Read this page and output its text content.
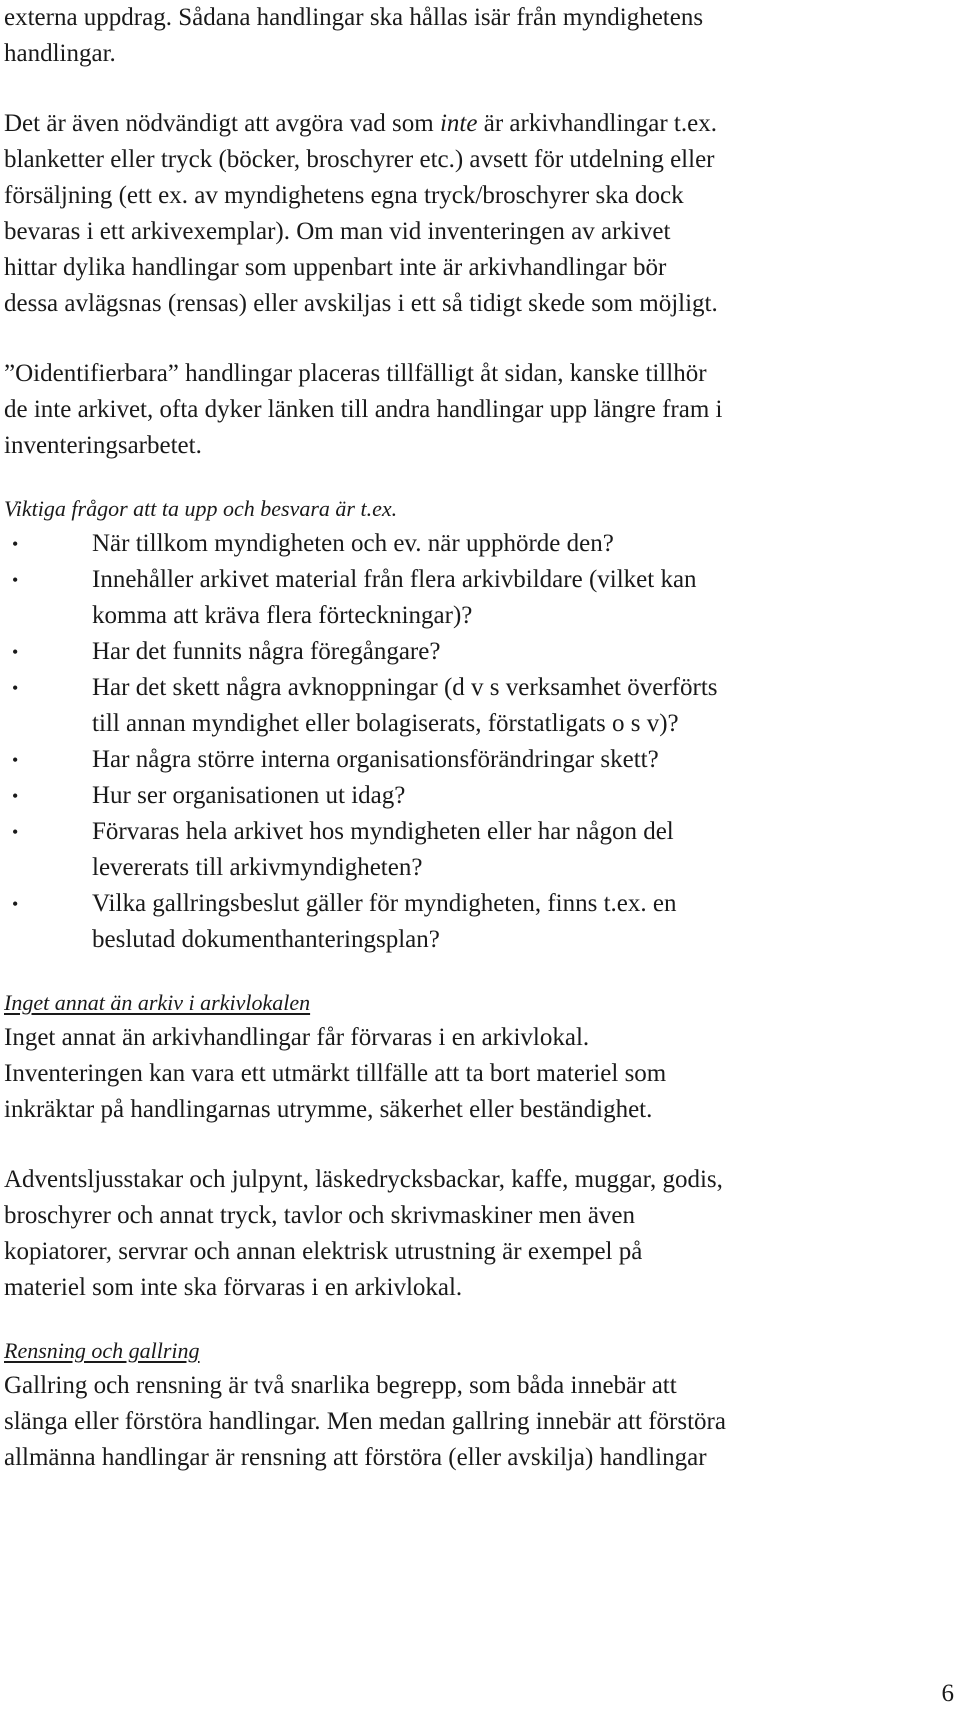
externa uppdrag. Sådana handlingar ska hållas isär från myndighetens
handlingar.

Det är även nödvändigt att avgöra vad som inte är arkivhandlingar t.ex.
blanketter eller tryck (böcker, broschyrer etc.) avsett för utdelning eller
försäljning (ett ex. av myndighetens egna tryck/broschyrer ska dock
bevaras i ett arkivexemplar). Om man vid inventeringen av arkivet
hittar dylika handlingar som uppenbart inte är arkivhandlingar bör
dessa avlägsnas (rensas) eller avskiljas i ett så tidigt skede som möjligt.

”Oidentifierbara” handlingar placeras tillfälligt åt sidan, kanske tillhör
de inte arkivet, ofta dyker länken till andra handlingar upp längre fram i
inventeringsarbetet.

Viktiga frågor att ta upp och besvara är t.ex.

•	När tillkom myndigheten och ev. när upphörde den?
•	Innehåller arkivet material från flera arkivbildare (vilket kan
komma att kräva flera förteckningar)?
•	Har det funnits några föregångare?
•	Har det skett några avknoppningar (d v s verksamhet överförts
till annan myndighet eller bolagiserats, förstatligats o s v)?
•	Har några större interna organisationsförändringar skett?
•	Hur ser organisationen ut idag?
•	Förvaras hela arkivet hos myndigheten eller har någon del
levererats till arkivmyndigheten?
•	Vilka gallringsbeslut gäller för myndigheten, finns t.ex. en
beslutad dokumenthanteringsplan?

Inget annat än arkiv i arkivlokalen

Inget annat än arkivhandlingar får förvaras i en arkivlokal.
Inventeringen kan vara ett utmärkt tillfälle att ta bort materiel som
inkräktar på handlingarnas utrymme, säkerhet eller beständighet.

Adventsljusstakar och julpynt, läskedrycksbackar, kaffe, muggar, godis,
broschyrer och annat tryck, tavlor och skrivmaskiner men även
kopiatorer, servrar och annan elektrisk utrustning är exempel på
materiel som inte ska förvaras i en arkivlokal.

Rensning och gallring

Gallring och rensning är två snarlika begrepp, som båda innebär att
slänga eller förstöra handlingar. Men medan gallring innebär att förstöra
allmänna handlingar är rensning att förstöra (eller avskilja) handlingar

6
